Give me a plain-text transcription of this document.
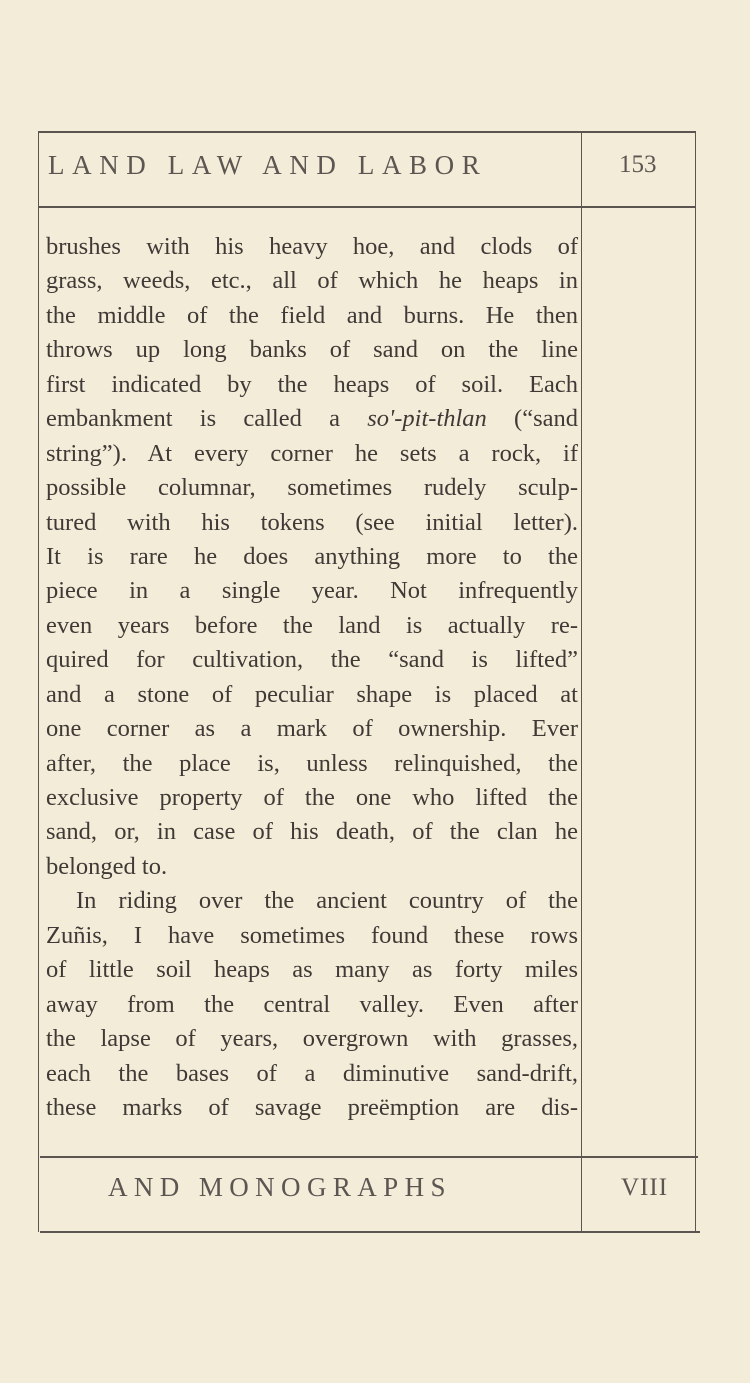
LAND LAW AND LABOR	153
brushes with his heavy hoe, and clods of
grass, weeds, etc., all of which he heaps in
the middle of the field and burns. He then
throws up long banks of sand on the line
first indicated by the heaps of soil. Each
embankment is called a so'-pit-thlan (“sand
string”). At every corner he sets a rock, if
possible columnar, sometimes rudely sculp-
tured with his tokens (see initial letter).
It is rare he does anything more to the
piece in a single year. Not infrequently
even years before the land is actually re-
quired for cultivation, the “sand is lifted”
and a stone of peculiar shape is placed at
one corner as a mark of ownership. Ever
after, the place is, unless relinquished, the
exclusive property of the one who lifted the
sand, or, in case of his death, of the clan he
belonged to.
In riding over the ancient country of the
Zuñis, I have sometimes found these rows
of little soil heaps as many as forty miles
away from the central valley. Even after
the lapse of years, overgrown with grasses,
each the bases of a diminutive sand-drift,
these marks of savage preëmption are dis-
AND MONOGRAPHS	VIII
